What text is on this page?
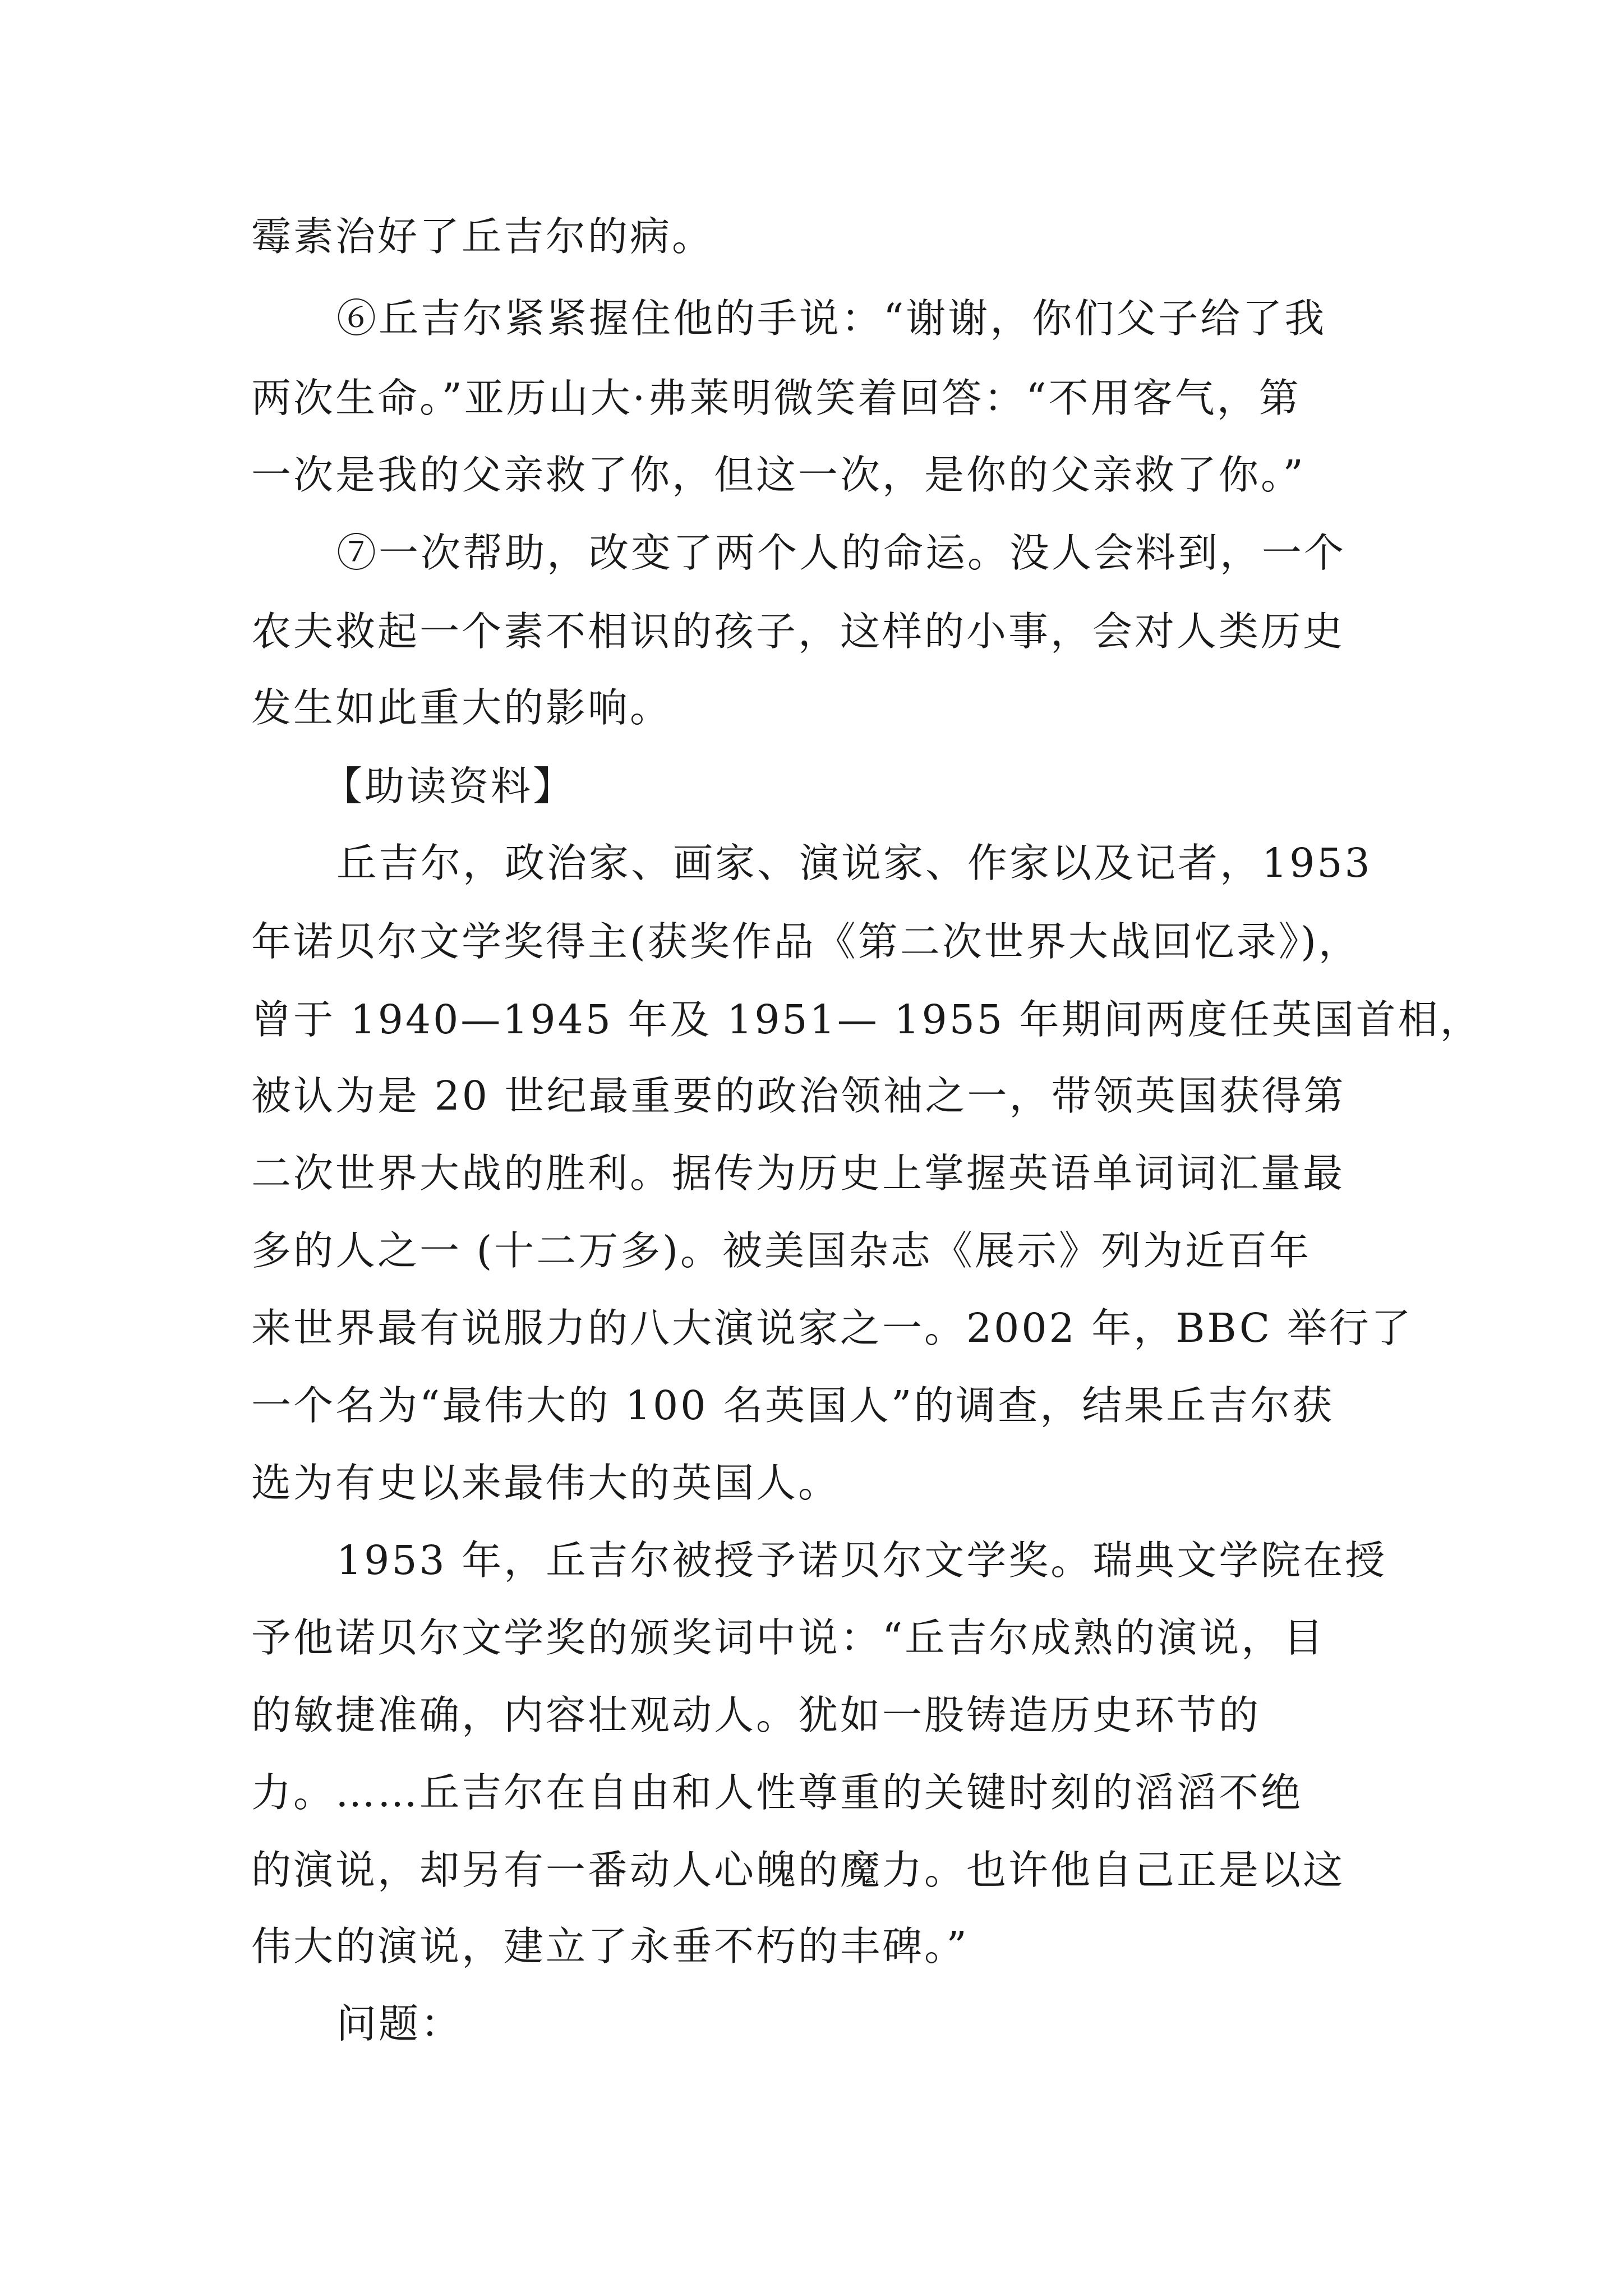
霉素治好了丘吉尔的病。
⑥丘吉尔紧紧握住他的手说：“谢谢，你们父子给了我
两次生命。”亚历山大·弗莱明微笑着回答：“不用客气，第
一次是我的父亲救了你，但这一次，是你的父亲救了你。”
⑦一次帮助，改变了两个人的命运。没人会料到，一个
农夫救起一个素不相识的孩子，这样的小事，会对人类历史
发生如此重大的影响。
【助读资料】
丘吉尔，政治家、画家、演说家、作家以及记者，1953
年诺贝尔文学奖得主(获奖作品《第二次世界大战回忆录》)，
曾于 1940—1945 年及 1951— 1955 年期间两度任英国首相，
被认为是 20 世纪最重要的政治领袖之一，带领英国获得第
二次世界大战的胜利。据传为历史上掌握英语单词词汇量最
多的人之一 (十二万多)。被美国杂志《展示》列为近百年
来世界最有说服力的八大演说家之一。2002 年，BBC 举行了
一个名为“最伟大的 100 名英国人”的调查，结果丘吉尔获
选为有史以来最伟大的英国人。
1953 年，丘吉尔被授予诺贝尔文学奖。瑞典文学院在授
予他诺贝尔文学奖的颁奖词中说：“丘吉尔成熟的演说，目
的敏捷准确，内容壮观动人。犹如一股铸造历史环节的
力。……丘吉尔在自由和人性尊重的关键时刻的滔滔不绝
的演说，却另有一番动人心魄的魔力。也许他自己正是以这
伟大的演说，建立了永垂不朽的丰碑。”
问题：
